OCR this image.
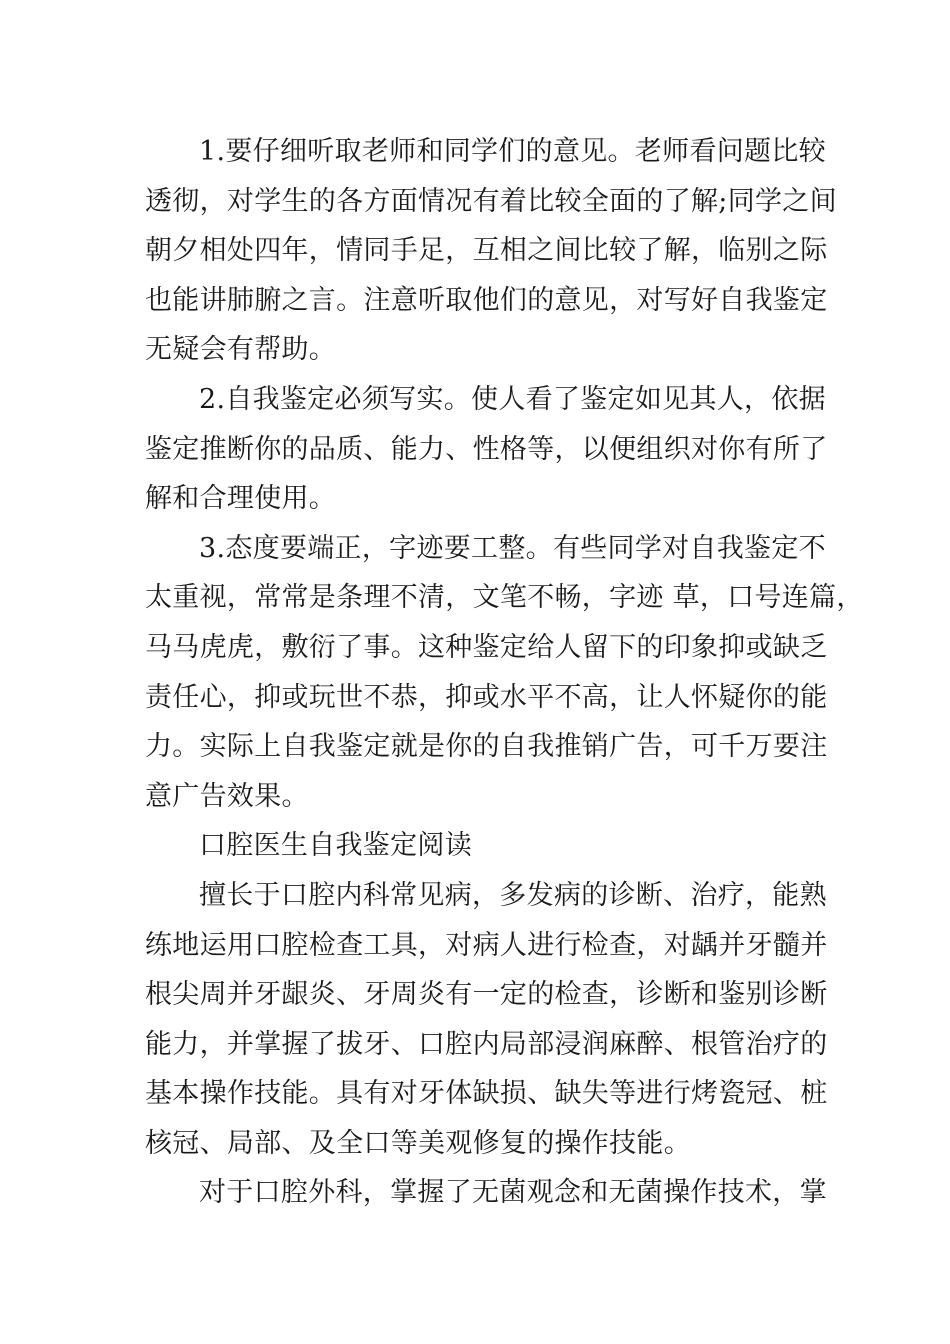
1.要仔细听取老师和同学们的意见。老师看问题比较
透彻，对学生的各方面情况有着比较全面的了解;同学之间
朝夕相处四年，情同手足，互相之间比较了解，临别之际
也能讲肺腑之言。注意听取他们的意见，对写好自我鉴定
无疑会有帮助。
2.自我鉴定必须写实。使人看了鉴定如见其人，依据
鉴定推断你的品质、能力、性格等，以便组织对你有所了
解和合理使用。
3.态度要端正，字迹要工整。有些同学对自我鉴定不
太重视，常常是条理不清，文笔不畅，字迹 草，口号连篇，
马马虎虎，敷衍了事。这种鉴定给人留下的印象抑或缺乏
责任心，抑或玩世不恭，抑或水平不高，让人怀疑你的能
力。实际上自我鉴定就是你的自我推销广告，可千万要注
意广告效果。
口腔医生自我鉴定阅读
擅长于口腔内科常见病，多发病的诊断、治疗，能熟
练地运用口腔检查工具，对病人进行检查，对龋并牙髓并
根尖周并牙龈炎、牙周炎有一定的检查，诊断和鉴别诊断
能力，并掌握了拔牙、口腔内局部浸润麻醉、根管治疗的
基本操作技能。具有对牙体缺损、缺失等进行烤瓷冠、桩
核冠、局部、及全口等美观修复的操作技能。
对于口腔外科，掌握了无菌观念和无菌操作技术，掌
